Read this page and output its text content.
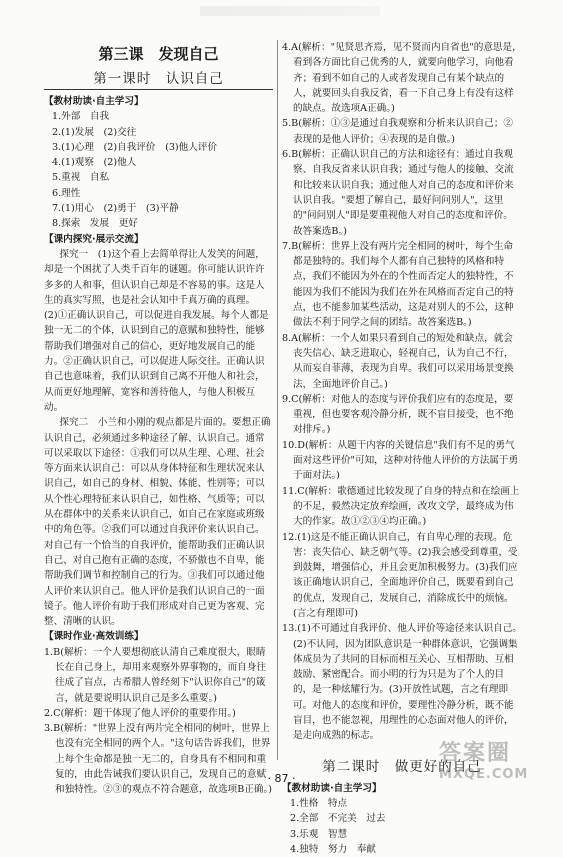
第三课　发现自己
第一课时　认识自己
【教材助读·自主学习】
1.外部　自我
2.(1)发展　(2)交往
3.(1)心理　(2)自我评价　(3)他人评价
4.(1)观察　(2)他人
5.重视　自私
6.理性
7.(1)用心　(2)勇于　(3)平静
8.探索　发展　更好
【课内探究·展示交流】
探究一　(1)这个看上去简单得让人发笑的问题，却是一个困扰了人类千百年的谜题。你可能认识许许多多的人和事，但认识自己却是不容易的事。这是人生的真实写照，也是社会认知中千真万确的真理。(2)①正确认识自己，可以促进自我发展。每个人都是独一无二的个体，认识到自己的意赋和独特性，能够帮助我们增强对自己的信心，更好地发展自己的能力。②正确认识自己，可以促进人际交往。正确认识自己也意味着，我们认识到自己离不开他人和社会，从而更好地理解、宽容和善待他人，与他人积极互动。
探究二　小兰和小刚的观点都是片面的。要想正确认识自己，必须通过多种途径了解、认识自己。通常可以采取以下途径：①我们可以从生理、心理、社会等方面来认识自己：可以从身体特征和生理状况来认识自己，如自己的身材、相貌、体能、性别等；可以从个性心理特征来认识自己，如性格、气质等；可以从在群体中的关系来认识自己，如自己在家庭或班级中的角色等。②我们可以通过自我评价来认识自己。对自己有一个恰当的自我评价，能帮助我们正确认识自己、对自己抱有正确的态度，不骄傲也不自卑，能帮助我们调节和控制自己的行为。③我们可以通过他人评价来认识自己。他人评价是我们认识自己的一面镜子。他人评价有助于我们形成对自己更为客观、完整、清晰的认识。
【课时作业·高效训练】
1.B(解析：一个人要想彻底认清自己难度很大，眼睛长在自己身上，却用来观察外界事物的，而自身往往成了盲点，古希腊人曾经刻下"认识你自己"的箴言，就是要说明认识自己是多么重要。)
2.C(解析：题干体现了他人评价的重要作用。)
3.B(解析："世界上没有两片完全相同的树叶，世界上也没有完全相同的两个人。"这句话告诉我们，世界上每个生命都是独一无二的，自身具有不相同和重复的，由此告诫我们要认识自己，发现自己的意赋和独特性。②③的观点不符合题意，故选项B正确。)
4.A(解析："见贤思齐焉，见不贤而内自省也"的意思是，看到各方面比自己优秀的人，就要向他学习，向他看齐；看到不如自己的人或者发现自己有某个缺点的人，就要回头自我反省，看一下自己身上有没有这样的缺点。故选项A正确。)
5.B(解析：①③是通过自我观察和分析来认识自己；②表现的是他人评价；④表现的是自傲。)
6.B(解析：正确认识自己的方法和途径有：通过自我观察、自我反省来认识自我；通过与他人的接触、交流和比较来认识自我；通过他人对自己的态度和评价来认识自我。"要想了解自己，最好问问别人"，这里的"问问别人"即是要重视他人对自己的态度和评价。故答案选B。)
7.B(解析：世界上没有两片完全相同的树叶，每个生命都是独特的。我们每个人都有自己独特的风格和特点，我们不能因为外在的个性而否定人的独特性，不能因为我们不能因为我们在外在风格而否定自己的特点，也不能参加某些活动，这是对别人的不公，这种做法不利于同学之间的团结。故答案选B。)
8.A(解析：一个人如果只看到自己的短处和缺点，就会丧失信心、缺乏进取心，轻视自己，认为自己不行，从而妄自菲薄，表现为自卑。我们可以采用场景变换法，全面地评价自己。)
9.C(解析：对他人的态度与评价我们应有的态度是，要重视，但也要客观冷静分析，既不盲目接受，也不绝对排斥。)
10.D(解析：从题干内容的关键信息"我们有不足的勇气面对这些评价"可知，这种对待他人评价的方法属于勇于面对法。)
11.C(解析：歌德通过比较发现了自身的特点和在绘画上的不足，毅然决定放弃绘画，改攻文学，最终成为伟大的作家。故①②③④均正确。)
12.(1)这是不能正确认识自己，有自卑心理的表现。危害：丧失信心、缺乏朝气等。(2)我会感受到尊重，受到鼓舞，增强信心，并且会更加积极努力。(3)我们应该正确地认识自己，全面地评价自己，既要看到自己的优点，发现自己，发展自己，消除成长中的烦恼。(言之有理即可)
13.(1)不可通过自我评价、他人评价等途径来认识自己。(2)不认同，因为团队意识是一种群体意识，它强调集体成员为了共同的目标而相互关心、互相帮助、互相鼓励、紧密配合。而小明的行为只是为了个人的目的，是一种炫耀行为。(3)开放性试题，言之有理即可。对他人的态度和评价，要理性冷静分析，既不能盲目，也不能忽视，用理性的心态面对他人的评价，是走向成熟的标志。
第二课时　做更好的自己
【教材助读·自主学习】
1.性格　特点
2.全部　不完美　过去
3.乐观　智慧
4.独特　努力　奉献
· 87 ·
答案圈
MXQE.COM
